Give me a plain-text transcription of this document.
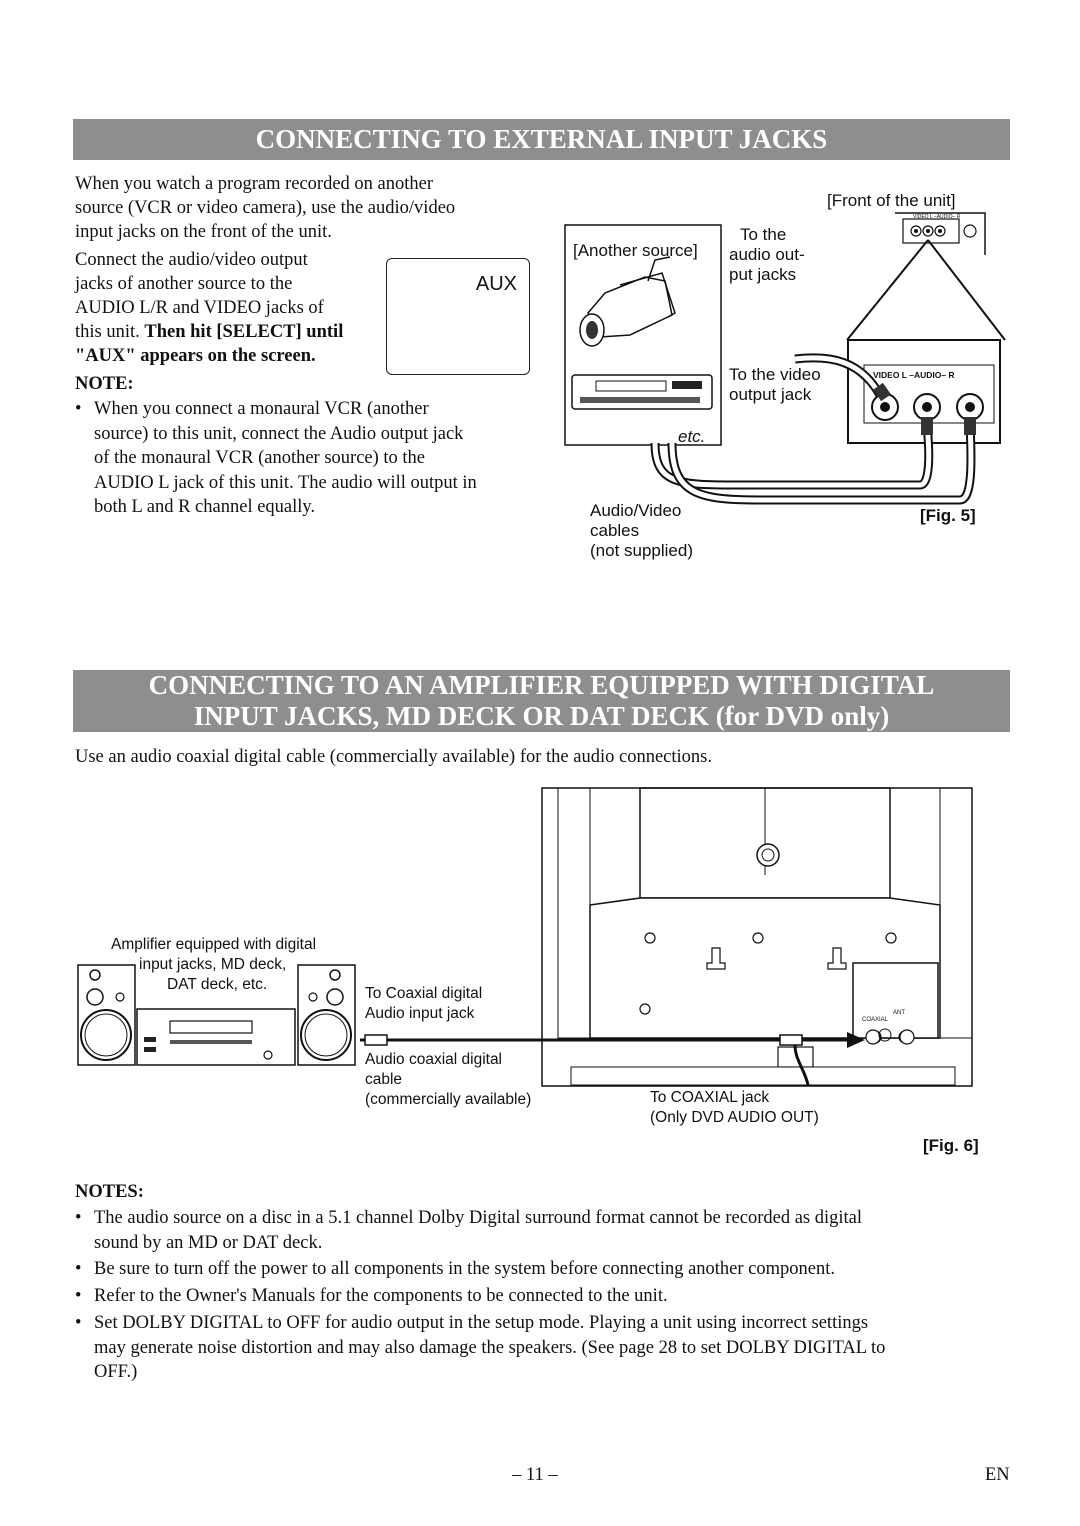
CONNECTING TO EXTERNAL INPUT JACKS
When you watch a program recorded on another
source (VCR or video camera), use the audio/video
input jacks on the front of the unit.
Connect the audio/video output
jacks of another source to the
AUDIO L/R and VIDEO jacks of
this unit. Then hit [SELECT] until
"AUX" appears on the screen.
AUX
NOTE:
• When you connect a monaural VCR (another
source) to this unit, connect the Audio output jack
of the monaural VCR (another source) to the
AUDIO L jack of this unit. The audio will output in
both L and R channel equally.
[Front of the unit]
VIDEO L –AUDIO– R
[Another source]
To the
audio out-
put jacks
To the video
output jack
VIDEO L –AUDIO– R
etc.
Audio/Video
cables
(not supplied)
[Fig. 5]
CONNECTING TO AN AMPLIFIER EQUIPPED WITH DIGITAL
INPUT JACKS, MD DECK OR DAT DECK (for DVD only)
Use an audio coaxial digital cable (commercially available) for the audio connections.
Amplifier equipped with digital
input jacks, MD deck,
DAT deck, etc.
To Coaxial digital
Audio input jack
Audio coaxial digital
cable
(commercially available)	To COAXIAL jack
(Only DVD AUDIO OUT)
COAXIAL
ANT
[Fig. 6]
NOTES:
• The audio source on a disc in a 5.1 channel Dolby Digital surround format cannot be recorded as digital
sound by an MD or DAT deck.
• Be sure to turn off the power to all components in the system before connecting another component.
• Refer to the Owner's Manuals for the components to be connected to the unit.
• Set DOLBY DIGITAL to OFF for audio output in the setup mode. Playing a unit using incorrect settings
may generate noise distortion and may also damage the speakers. (See page 28 to set DOLBY DIGITAL to
OFF.)
– 11 –	EN
